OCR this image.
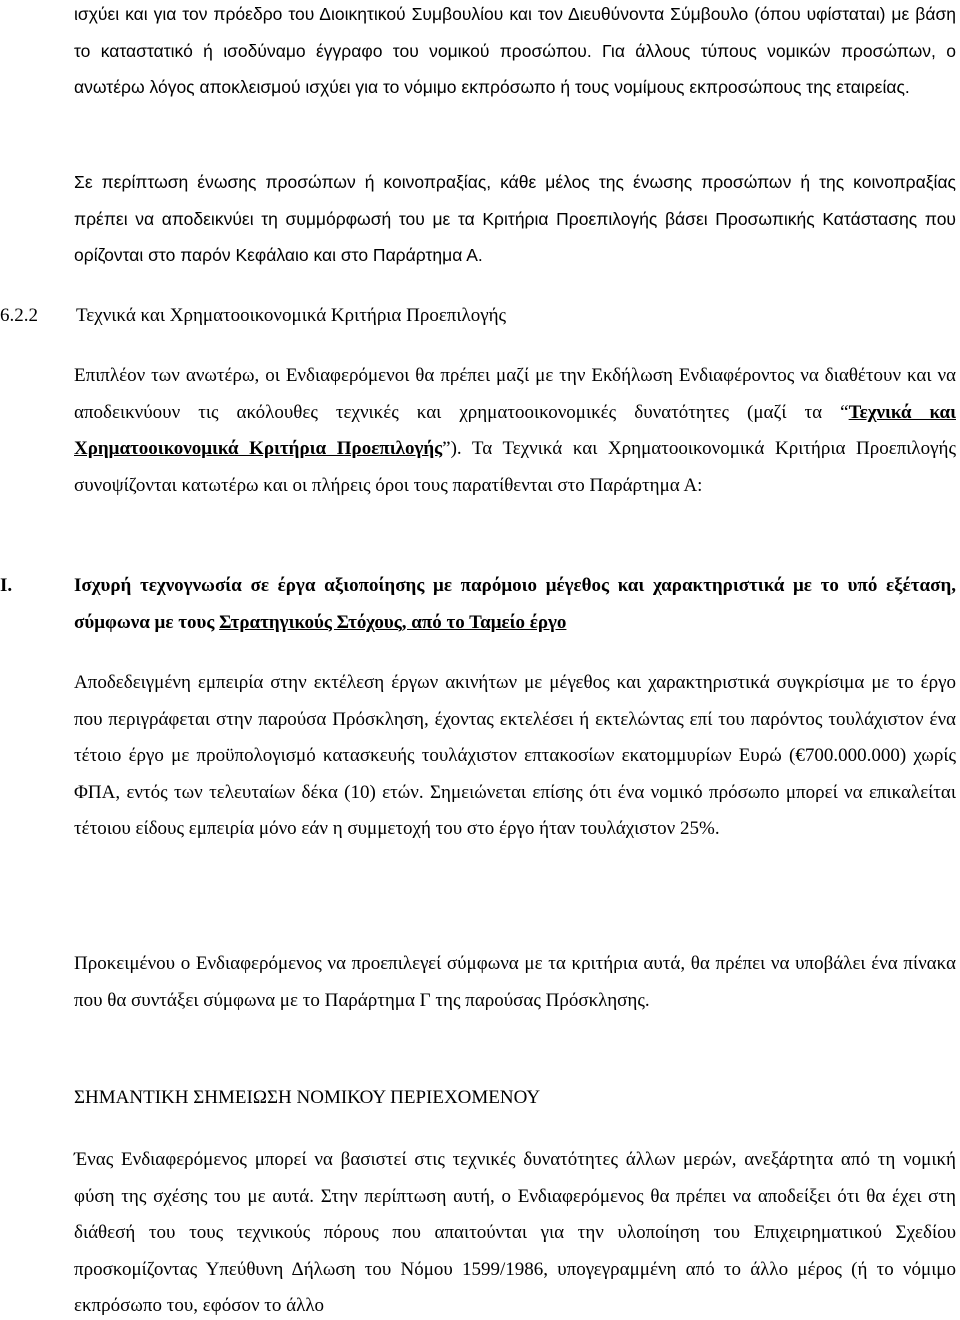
ισχύει και για τον πρόεδρο του Διοικητικού Συμβουλίου και τον Διευθύνοντα Σύμβουλο (όπου υφίσταται) με βάση το καταστατικό ή ισοδύναμο έγγραφο του νομικού προσώπου. Για άλλους τύπους νομικών προσώπων, ο ανωτέρω λόγος αποκλεισμού ισχύει για το νόμιμο εκπρόσωπο ή τους νομίμους εκπροσώπους της εταιρείας.

Σε περίπτωση ένωσης προσώπων ή κοινοπραξίας, κάθε μέλος της ένωσης προσώπων ή της κοινοπραξίας πρέπει να αποδεικνύει τη συμμόρφωσή του με τα Κριτήρια Προεπιλογής βάσει Προσωπικής Κατάστασης που ορίζονται στο παρόν Κεφάλαιο και στο Παράρτημα Α.

6.2.2 Τεχνικά και Χρηματοοικονομικά Κριτήρια Προεπιλογής

Επιπλέον των ανωτέρω, οι Ενδιαφερόμενοι θα πρέπει μαζί με την Εκδήλωση Ενδιαφέροντος να διαθέτουν και να αποδεικνύουν τις ακόλουθες τεχνικές και χρηματοοικονομικές δυνατότητες (μαζί τα “Τεχνικά και Χρηματοοικονομικά Κριτήρια Προεπιλογής”). Τα Τεχνικά και Χρηματοοικονομικά Κριτήρια Προεπιλογής συνοψίζονται κατωτέρω και οι πλήρεις όροι τους παρατίθενται στο Παράρτημα Α:

I.	Ισχυρή τεχνογνωσία σε έργα αξιοποίησης με παρόμοιο μέγεθος και χαρακτηριστικά με το υπό εξέταση, σύμφωνα με τους Στρατηγικούς Στόχους, από το Ταμείο έργο

Αποδεδειγμένη εμπειρία στην εκτέλεση έργων ακινήτων με μέγεθος και χαρακτηριστικά συγκρίσιμα με το έργο που περιγράφεται στην παρούσα Πρόσκληση, έχοντας εκτελέσει ή εκτελώντας επί του παρόντος τουλάχιστον ένα τέτοιο έργο με προϋπολογισμό κατασκευής τουλάχιστον επτακοσίων εκατομμυρίων Ευρώ (€700.000.000) χωρίς ΦΠΑ, εντός των τελευταίων δέκα (10) ετών. Σημειώνεται επίσης ότι ένα νομικό πρόσωπο μπορεί να επικαλείται τέτοιου είδους εμπειρία μόνο εάν η συμμετοχή του στο έργο ήταν τουλάχιστον 25%.

Προκειμένου ο Ενδιαφερόμενος να προεπιλεγεί σύμφωνα με τα κριτήρια αυτά, θα πρέπει να υποβάλει ένα πίνακα που θα συντάξει σύμφωνα με το Παράρτημα Γ της παρούσας Πρόσκλησης.

ΣΗΜΑΝΤΙΚΗ ΣΗΜΕΙΩΣΗ ΝΟΜΙΚΟΥ ΠΕΡΙΕΧΟΜΕΝΟΥ

Ένας Ενδιαφερόμενος μπορεί να βασιστεί στις τεχνικές δυνατότητες άλλων μερών, ανεξάρτητα από τη νομική φύση της σχέσης του με αυτά. Στην περίπτωση αυτή, ο Ενδιαφερόμενος θα πρέπει να αποδείξει ότι θα έχει στη διάθεσή του τους τεχνικούς πόρους που απαιτούνται για την υλοποίηση του Επιχειρηματικού Σχεδίου προσκομίζοντας Υπεύθυνη Δήλωση του Νόμου 1599/1986, υπογεγραμμένη από το άλλο μέρος (ή το νόμιμο εκπρόσωπο του, εφόσον το άλλο
